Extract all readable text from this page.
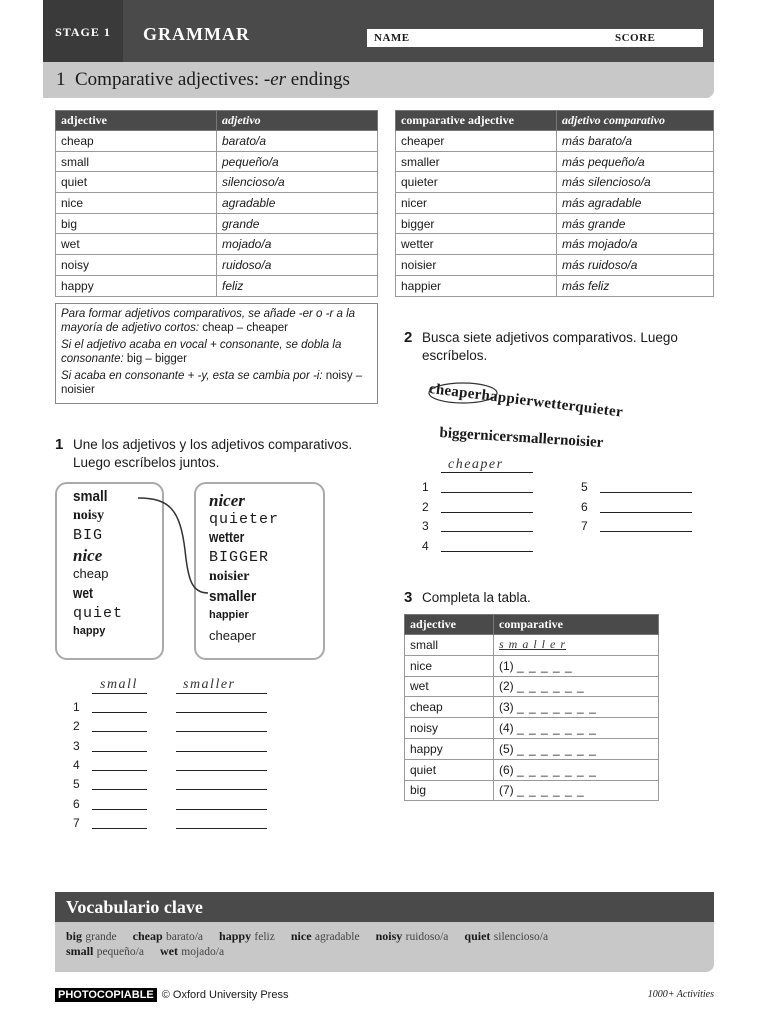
STAGE 1	GRAMMAR	NAME	SCORE
1 Comparative adjectives: -er endings
adjective	adjetivo
cheap	barato/a
small	pequeño/a
quiet	silencioso/a
nice	agradable
big	grande
wet	mojado/a
noisy	ruidoso/a
happy	feliz
comparative adjective	adjetivo comparativo
cheaper	más barato/a
smaller	más pequeño/a
quieter	más silencioso/a
nicer	más agradable
bigger	más grande
wetter	más mojado/a
noisier	más ruidoso/a
happier	más feliz

Para formar adjetivos comparativos, se añade -er o -r a la mayoría de adjetivo cortos: cheap – cheaper

Si el adjetivo acaba en vocal + consonante, se dobla la consonante: big – bigger

Si acaba en consonante + -y, esta se cambia por -i: noisy – noisier

1 Une los adjetivos y los adjetivos comparativos. Luego escríbelos juntos.
small
noisy
BIG
nice
cheap
wet
quiet
happy
nicer
quieter
wetter
BIGGER
noisier
smaller
happier
cheaper
small	smaller
1
2
3
4
5
6
7
2 Busca siete adjetivos comparativos. Luego escríbelos.
cheaperhappierwetterquieter
biggernicersmallernoisier
cheaper
1
2
3
4
5
6
7
3 Completa la tabla.
adjective	comparative
small	s m a l l e r
nice	(1) _ _ _ _ _
wet	(2) _ _ _ _ _ _
cheap	(3) _ _ _ _ _ _ _
noisy	(4) _ _ _ _ _ _ _
happy	(5) _ _ _ _ _ _ _
quiet	(6) _ _ _ _ _ _ _
big	(7) _ _ _ _ _ _
Vocabulario clave
big grande cheap barato/a happy feliz nice agradable noisy ruidoso/a quiet silencioso/a
small pequeño/a wet mojado/a
PHOTOCOPIABLE © Oxford University Press	1000+ Activities
